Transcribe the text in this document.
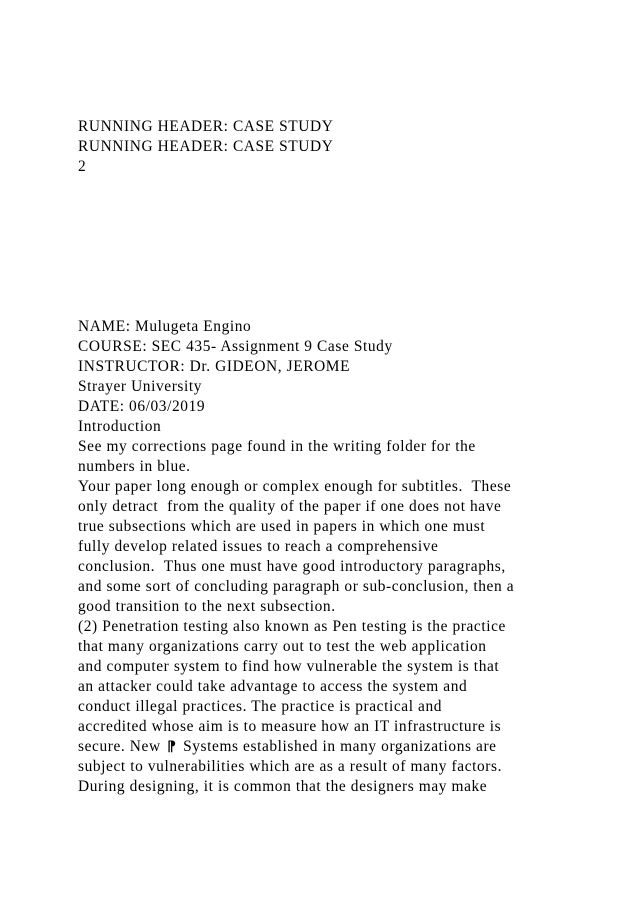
RUNNING HEADER: CASE STUDY
RUNNING HEADER: CASE STUDY
2
NAME: Mulugeta Engino
COURSE: SEC 435- Assignment 9 Case Study
INSTRUCTOR: Dr. GIDEON, JEROME
Strayer University
DATE: 06/03/2019
Introduction
See my corrections page found in the writing folder for the
numbers in blue.
Your paper long enough or complex enough for subtitles.  These
only detract  from the quality of the paper if one does not have
true subsections which are used in papers in which one must
fully develop related issues to reach a comprehensive
conclusion.  Thus one must have good introductory paragraphs,
and some sort of concluding paragraph or sub-conclusion, then a
good transition to the next subsection.
(2) Penetration testing also known as Pen testing is the practice
that many organizations carry out to test the web application
and computer system to find how vulnerable the system is that
an attacker could take advantage to access the system and
conduct illegal practices. The practice is practical and
accredited whose aim is to measure how an IT infrastructure is
secure. New ⁋ Systems established in many organizations are
subject to vulnerabilities which are as a result of many factors.
During designing, it is common that the designers may make
